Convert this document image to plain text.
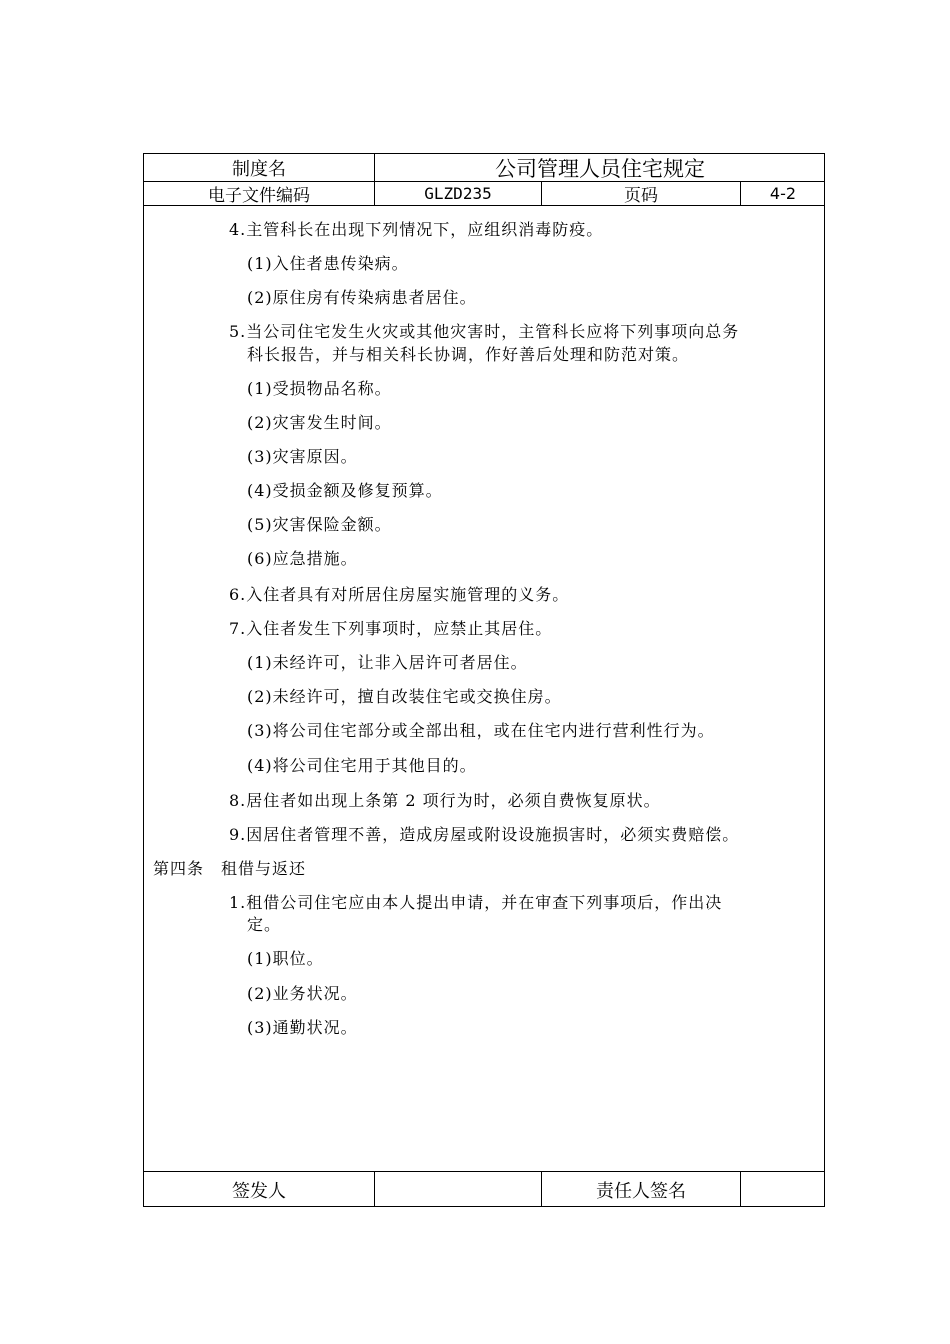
制度名	公司管理人员住宅规定
电子文件编码	GLZD235	页码	4-2
签发人	责任人签名
4.主管科长在出现下列情况下，应组织消毒防疫。
(1)入住者患传染病。
(2)原住房有传染病患者居住。
5.当公司住宅发生火灾或其他灾害时，主管科长应将下列事项向总务
科长报告，并与相关科长协调，作好善后处理和防范对策。
(1)受损物品名称。
(2)灾害发生时间。
(3)灾害原因。
(4)受损金额及修复预算。
(5)灾害保险金额。
(6)应急措施。
6.入住者具有对所居住房屋实施管理的义务。
7.入住者发生下列事项时，应禁止其居住。
(1)未经许可，让非入居许可者居住。
(2)未经许可，擅自改装住宅或交换住房。
(3)将公司住宅部分或全部出租，或在住宅内进行营利性行为。
(4)将公司住宅用于其他目的。
8.居住者如出现上条第 2 项行为时，必须自费恢复原状。
9.因居住者管理不善，造成房屋或附设设施损害时，必须实费赔偿。
第四条　租借与返还
1.租借公司住宅应由本人提出申请，并在审查下列事项后，作出决
定。
(1)职位。
(2)业务状况。
(3)通勤状况。
